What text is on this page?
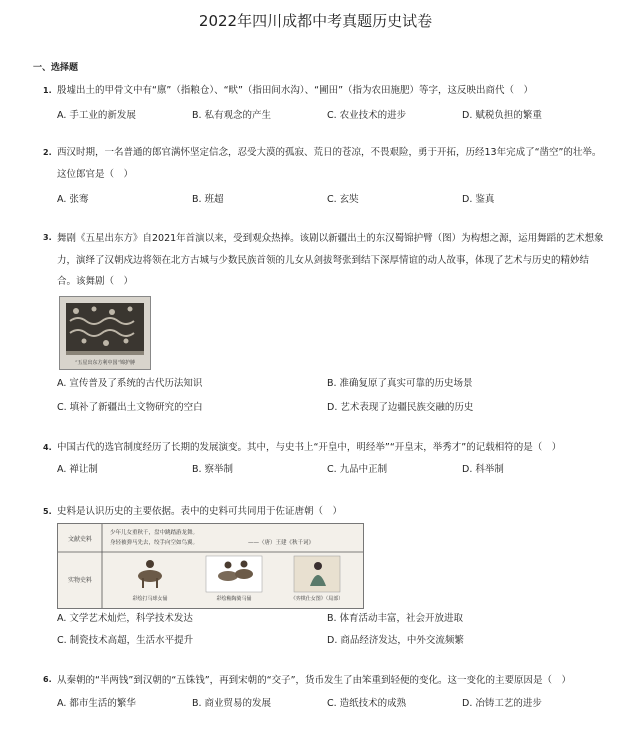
2022年四川成都中考真题历史试卷
一、选择题
1. 殷墟出土的甲骨文中有“廪”（指粮仓）、“畎”（指田间水沟）、“圃田”（指为农田施肥）等字，这反映出商代（　）
A. 手工业的新发展	B. 私有观念的产生	C. 农业技术的进步	D. 赋税负担的繁重
2. 西汉时期，一名普通的郎官满怀坚定信念，忍受大漠的孤寂、荒日的苍凉，不畏艰险，勇于开拓，历经13年完成了“凿空”的壮举。这位郎官是（　）
A. 张骞	B. 班超	C. 玄奘	D. 鉴真
3. 舞剧《五星出东方》自2021年首演以来，受到观众热捧。该剧以新疆出土的东汉蜀锦护臂（图）为构想之源，运用舞蹈的艺术想象力，演绎了汉朝戍边将领在北方古城与少数民族首领的儿女从剑拔弩张到结下深厚情谊的动人故事，体现了艺术与历史的精妙结合。该舞剧（　）
“五星出东方利中国”锦护膊
A. 宣传普及了系统的古代历法知识	B. 准确复原了真实可靠的历史场景
C. 填补了新疆出土文物研究的空白	D. 艺术表现了边疆民族交融的历史
4. 中国古代的选官制度经历了长期的发展演变。其中，与史书上“开皇中，明经举”“开皇末，举秀才”的记载相符的是（　）
A. 禅让制	B. 察举制	C. 九品中正制	D. 科举制
5. 史料是认识历史的主要依据。表中的史料可共同用于佐证唐朝（　）
文献史料
少年儿女重秋千，盘中跳踏游龙舞。
身轻被弹马先去，绞手向空如鸟翼。	——（唐）王建《秋千词》
实物史料
彩绘打马球女俑	彩绘釉陶骑马俑	《弈棋仕女图》（局部）
A. 文学艺术灿烂，科学技术发达	B. 体育活动丰富，社会开放进取
C. 制瓷技术高超，生活水平提升	D. 商品经济发达，中外交流频繁
6. 从秦朝的“半两钱”到汉朝的“五铢钱”，再到宋朝的“交子”，货币发生了由笨重到轻便的变化。这一变化的主要原因是（　）
A. 都市生活的繁华	B. 商业贸易的发展	C. 造纸技术的成熟	D. 冶铸工艺的进步
